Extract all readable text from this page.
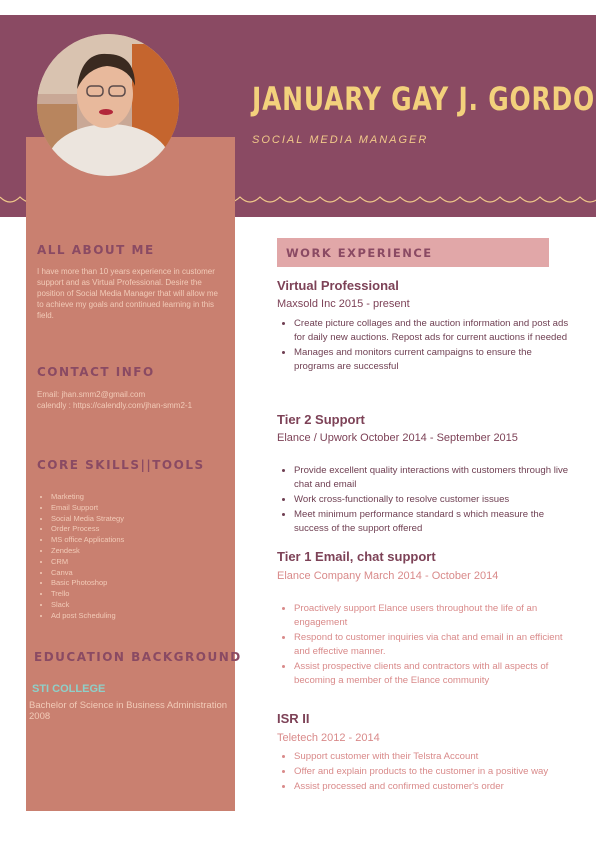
JANUARY GAY J. GORDO
SOCIAL MEDIA MANAGER
ALL ABOUT ME
I have more than 10 years experience in customer support and as Virtual Professional. Desire the position of Social Media Manager that will allow me to achieve my goals and continued learning in this field.
CONTACT INFO
Email: jhan.smm2@gmail.com
calendly : https://calendly.com/jhan-smm2-1
CORE SKILLS||TOOLS
• Marketing
• Email Support
• Social Media Strategy
• Order Process
• MS office Applications
• Zendesk
• CRM
• Canva
• Basic Photoshop
• Trello
• Slack
• Ad post Scheduling
EDUCATION BACKGROUND
STI COLLEGE
Bachelor of Science in Business Administration 2008
WORK EXPERIENCE
Virtual Professional
Maxsold Inc 2015 - present
• Create picture collages and the auction information and post ads for daily new auctions. Repost ads for current auctions if needed
• Manages and monitors current campaigns to ensure the programs are successful
Tier 2 Support
Elance / Upwork October 2014 - September 2015
• Provide excellent quality interactions with customers through live chat and email
• Work cross-functionally to resolve customer issues
• Meet minimum performance standard s which measure the success of the support offered
Tier 1 Email, chat support
Elance Company March 2014 - October 2014
• Proactively support Elance users throughout the life of an engagement
• Respond to customer inquiries via chat and email in an efficient and effective manner.
• Assist prospective clients and contractors with all aspects of becoming a member of the Elance community
ISR II
Teletech 2012 - 2014
• Support customer with their Telstra Account
• Offer and explain products to the customer in a positive way
• Assist processed and confirmed customer's order
